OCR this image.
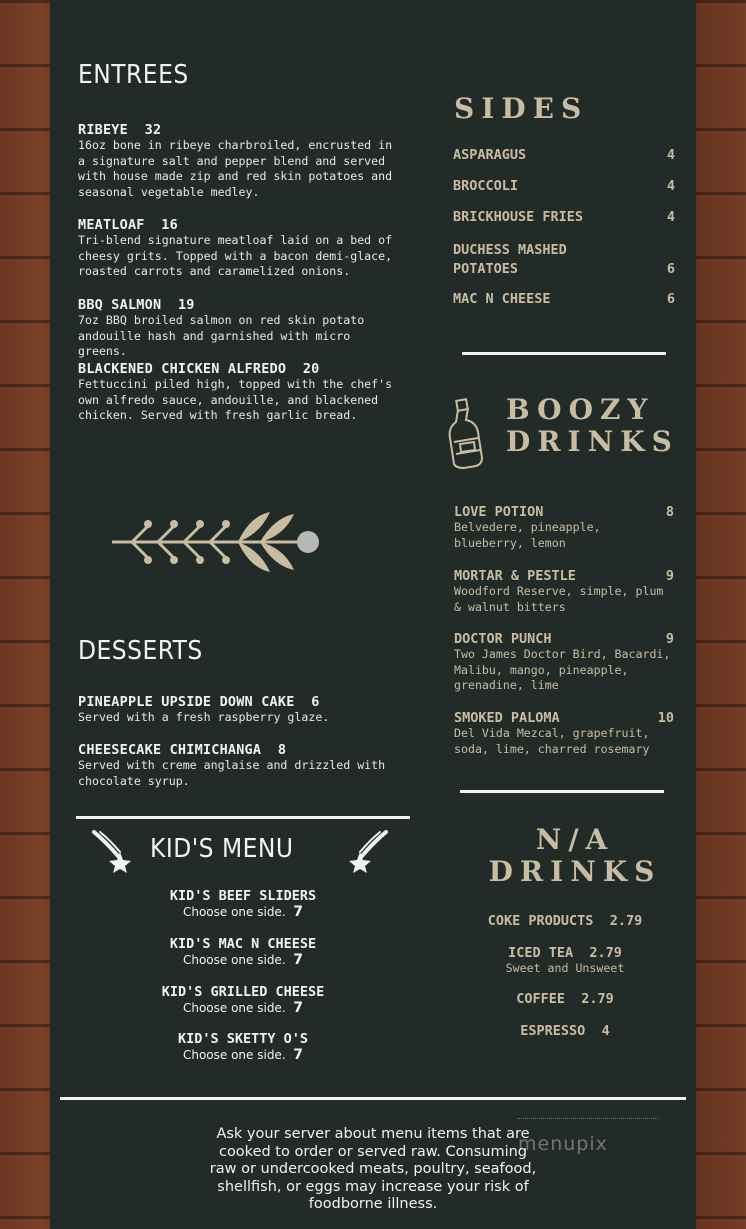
ENTREES
RIBEYE 32
16oz bone in ribeye charbroiled, encrusted in a signature salt and pepper blend and served with house made zip and red skin potatoes and seasonal vegetable medley.
MEATLOAF 16
Tri-blend signature meatloaf laid on a bed of cheesy grits. Topped with a bacon demi-glace, roasted carrots and caramelized onions.
BBQ SALMON 19
7oz BBQ broiled salmon on red skin potato andouille hash and garnished with micro greens.
BLACKENED CHICKEN ALFREDO 20
Fettuccini piled high, topped with the chef's own alfredo sauce, andouille, and blackened chicken. Served with fresh garlic bread.
DESSERTS
PINEAPPLE UPSIDE DOWN CAKE 6
Served with a fresh raspberry glaze.
CHEESECAKE CHIMICHANGA 8
Served with creme anglaise and drizzled with chocolate syrup.
KID'S MENU
KID'S BEEF SLIDERS
Choose one side. 7
KID'S MAC N CHEESE
Choose one side. 7
KID'S GRILLED CHEESE
Choose one side. 7
KID'S SKETTY O'S
Choose one side. 7
SIDES
ASPARAGUS	4
BROCCOLI	4
BRICKHOUSE FRIES	4
DUCHESS MASHED
POTATOES	6
MAC N CHEESE	6
BOOZY
DRINKS
LOVE POTION	8
Belvedere, pineapple, blueberry, lemon
MORTAR & PESTLE	9
Woodford Reserve, simple, plum & walnut bitters
DOCTOR PUNCH	9
Two James Doctor Bird, Bacardi, Malibu, mango, pineapple, grenadine, lime
SMOKED PALOMA	10
Del Vida Mezcal, grapefruit, soda, lime, charred rosemary
N/A
DRINKS
COKE PRODUCTS 2.79
ICED TEA 2.79
Sweet and Unsweet
COFFEE 2.79
ESPRESSO 4
Ask your server about menu items that are cooked to order or served raw. Consuming raw or undercooked meats, poultry, seafood, shellfish, or eggs may increase your risk of foodborne illness.
menupix
